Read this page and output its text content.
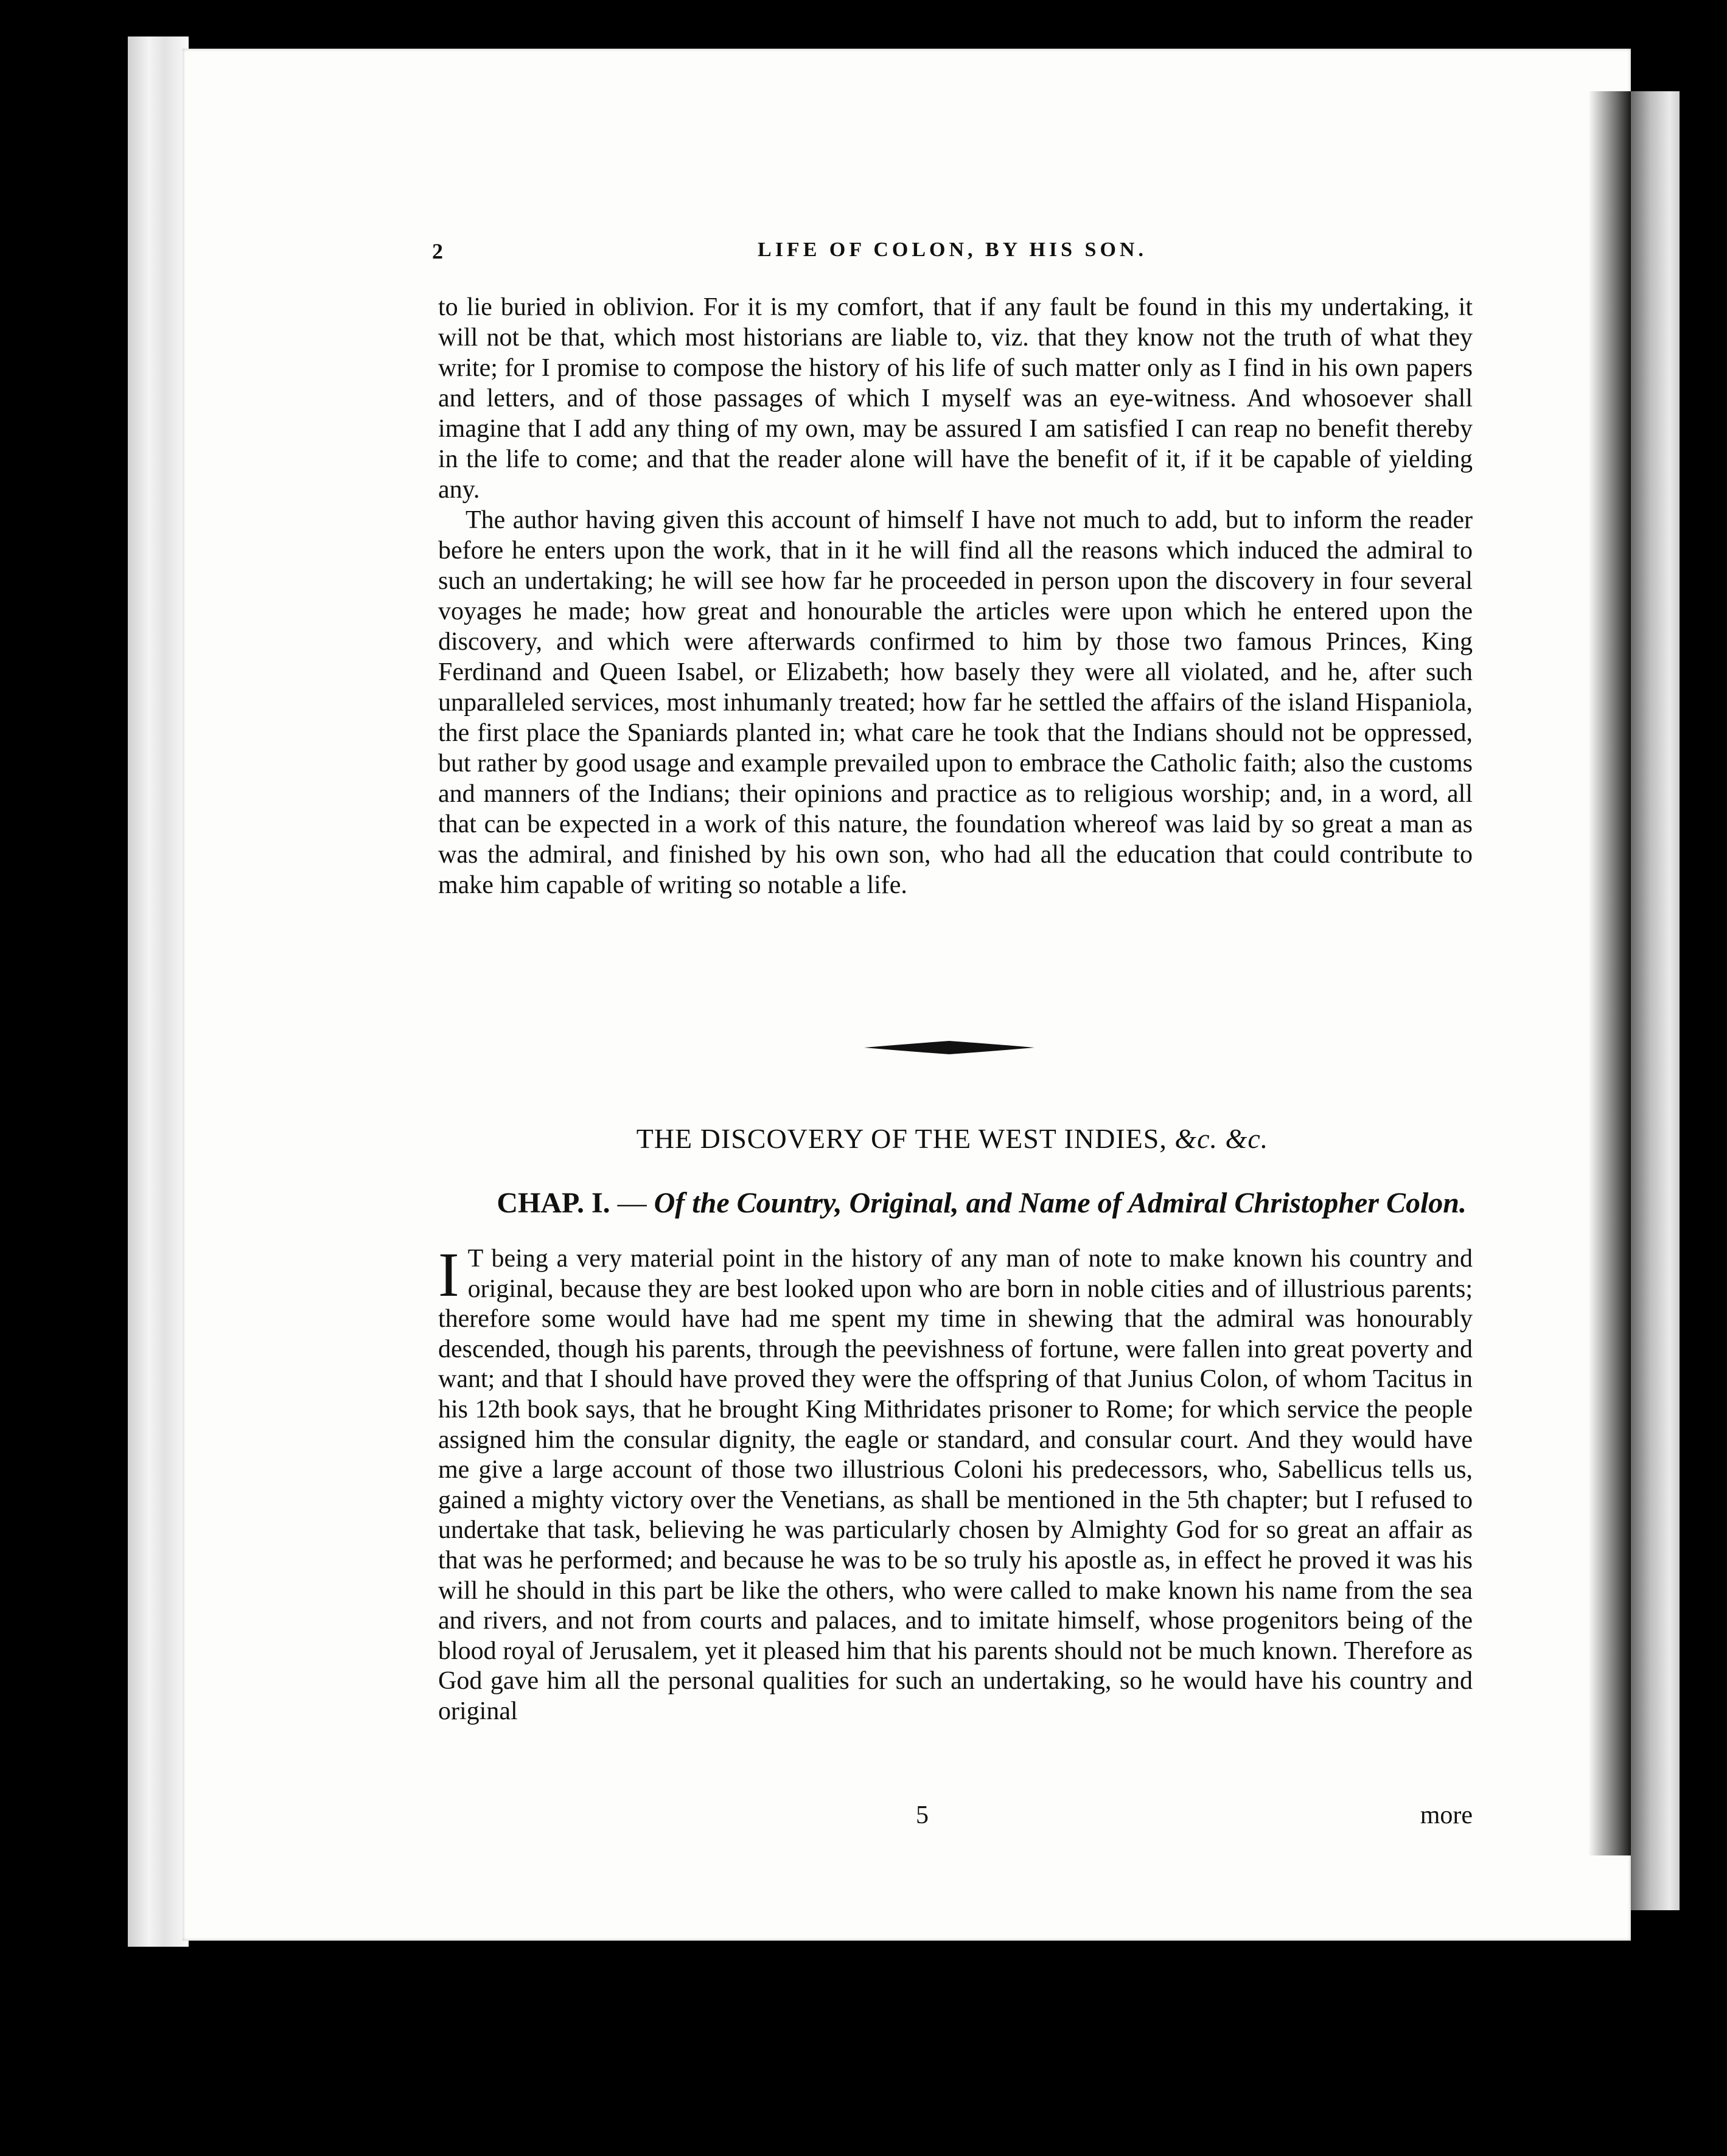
2	LIFE OF COLON, BY HIS SON.

to lie buried in oblivion. For it is my comfort, that if any fault be found in this my undertaking, it will not be that, which most historians are liable to, viz. that they know not the truth of what they write; for I promise to compose the history of his life of such matter only as I find in his own papers and letters, and of those passages of which I myself was an eye-witness. And whosoever shall imagine that I add any thing of my own, may be assured I am satisfied I can reap no benefit thereby in the life to come; and that the reader alone will have the benefit of it, if it be capable of yielding any.

The author having given this account of himself I have not much to add, but to inform the reader before he enters upon the work, that in it he will find all the reasons which induced the admiral to such an undertaking; he will see how far he proceeded in person upon the discovery in four several voyages he made; how great and honourable the articles were upon which he entered upon the discovery, and which were afterwards confirmed to him by those two famous Princes, King Ferdinand and Queen Isabel, or Elizabeth; how basely they were all violated, and he, after such unparalleled services, most inhumanly treated; how far he settled the affairs of the island Hispaniola, the first place the Spaniards planted in; what care he took that the Indians should not be oppressed, but rather by good usage and example prevailed upon to embrace the Catholic faith; also the customs and manners of the Indians; their opinions and practice as to religious worship; and, in a word, all that can be expected in a work of this nature, the foundation whereof was laid by so great a man as was the admiral, and finished by his own son, who had all the education that could contribute to make him capable of writing so notable a life.

THE DISCOVERY OF THE WEST INDIES, &c. &c.
CHAP. I. — Of the Country, Original, and Name of Admiral Christopher Colon.

I T being a very material point in the history of any man of note to make known his country and original, because they are best looked upon who are born in noble cities and of illustrious parents; therefore some would have had me spent my time in shewing that the admiral was honourably descended, though his parents, through the peevishness of fortune, were fallen into great poverty and want; and that I should have proved they were the offspring of that Junius Colon, of whom Tacitus in his 12th book says, that he brought King Mithridates prisoner to Rome; for which service the people assigned him the consular dignity, the eagle or standard, and consular court. And they would have me give a large account of those two illustrious Coloni his predecessors, who, Sabellicus tells us, gained a mighty victory over the Venetians, as shall be mentioned in the 5th chapter; but I refused to undertake that task, believing he was particularly chosen by Almighty God for so great an affair as that was he performed; and because he was to be so truly his apostle as, in effect he proved it was his will he should in this part be like the others, who were called to make known his name from the sea and rivers, and not from courts and palaces, and to imitate himself, whose progenitors being of the blood royal of Jerusalem, yet it pleased him that his parents should not be much known. Therefore as God gave him all the personal qualities for such an undertaking, so he would have his country and original

5	more
